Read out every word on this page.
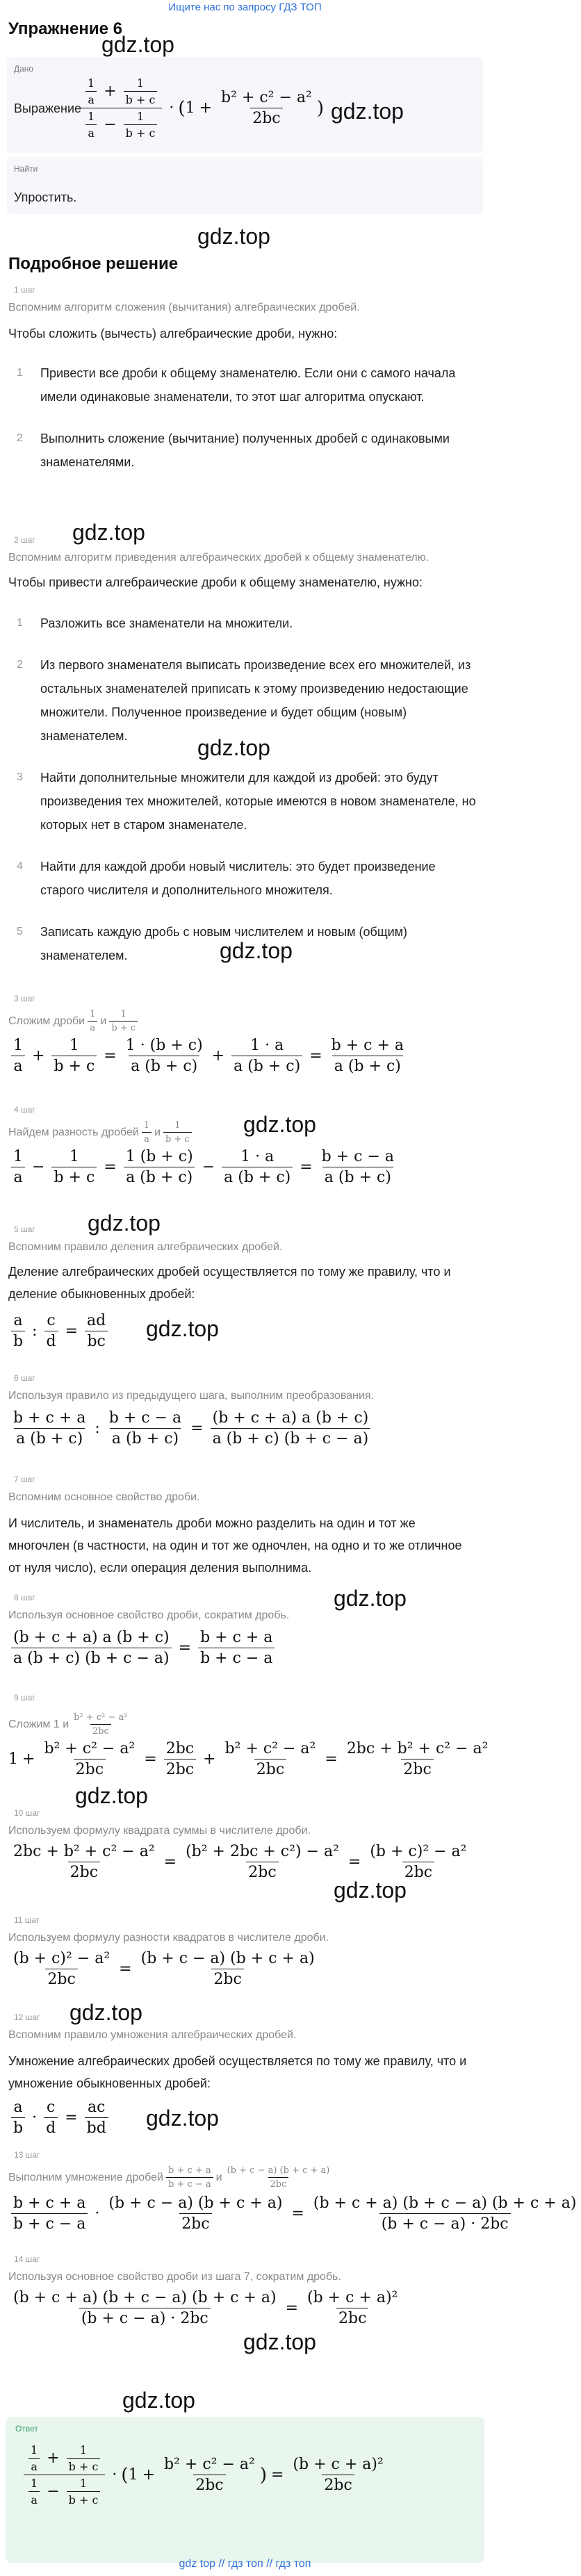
Ищите нас по запросу ГДЗ ТОП
Упражнение 6
gdz.top
Дано
Выражение
$\frac{\frac{1}{a} + \frac{1}{b + c}}{\frac{1}{a} - \frac{1}{b + c}}$ · ( $1 + \frac{\text{b² + c² − a²}}{2bc}$ ) gdz.top
Найти
Упростить.
gdz.top
Подробное решение
1 шаг
Вспомним алгоритм сложения (вычитания) алгебраических дробей.
Чтобы сложить (вычесть) алгебраические дроби, нужно:
1 Привести все дроби к общему знаменателю. Если они с самого начала имели одинаковые знаменатели, то этот шаг алгоритма опускают.
2 Выполнить сложение (вычитание) полученных дробей с одинаковыми знаменателями.
2 шаг gdz.top
Вспомним алгоритм приведения алгебраических дробей к общему знаменателю.
Чтобы привести алгебраические дроби к общему знаменателю, нужно:
1 Разложить все знаменатели на множители.
2 Из первого знаменателя выписать произведение всех его множителей, из остальных знаменателей приписать к этому произведению недостающие множители. Полученное произведение и будет общим (новым) знаменателем.
3 Найти дополнительные множители для каждой из дробей: это будут произведения тех множителей, которые имеются в новом знаменателе, но которых нет в старом знаменателе.
4 Найти для каждой дроби новый числитель: это будет произведение старого числителя и дополнительного множителя.
5 Записать каждую дробь с новым числителем и новым (общим) знаменателем.
gdz.top
gdz.top
3 шаг
Сложим дроби $\frac{1}{a}$ и $\frac{1}{b + c}$
$\frac{1}{a} + \frac{1}{b + c} = \frac{1 \cdot (b + c)}{a (b + c)} + \frac{1 \cdot a}{a (b + c)} = \frac{b + c + a}{a (b + c)}$
4 шаг
gdz.top
Найдем разность дробей $\frac{1}{a}$ и $\frac{1}{b + c}$
$\frac{1}{a} - \frac{1}{b + c} = \frac{1 (b + c)}{a (b + c)} - \frac{1 \cdot a}{a (b + c)} = \frac{b + c - a}{a (b + c)}$
gdz.top
5 шаг
Вспомним правило деления алгебраических дробей.
Деление алгебраических дробей осуществляется по тому же правилу, что и деление обыкновенных дробей:
$\frac{a}{b}$ : $\frac{c}{d} = \frac{ad}{bc} gdz.top$
6 шаг
Используя правило из предыдущего шага, выполним преобразования.
$\frac{b + c + a}{a (b + c)}$ : $\frac{b + c - a}{a (b + c)} = \frac{(b + c + a) a (b + c)}{a (b + c) (b + c - a)}$
7 шаг
Вспомним основное свойство дроби.
И числитель, и знаменатель дроби можно разделить на один и тот же многочлен (в частности, на один и тот же одночлен, на одно и то же отличное от нуля число), если операция деления выполнима.
gdz.top
8 шаг
Используя основное свойство дроби, сократим дробь.
$\frac{(b + c + a) a (b + c)}{a (b + c) (b + c - a)} = \frac{b + c + a}{b + c - a}$
9 шаг
Сложим 1 и $\frac{\text{b² + c² − a²}}{2bc}$
$1 + \frac{\text{b² + c² − a²}}{2bc} = \frac{2bc}{2bc} + \frac{\text{b² + c² − a²}}{2bc} = \frac{\text{2bc + b² + c² − a²}}{2bc}$
gdz.top
10 шаг
Используем формулу квадрата суммы в числителе дроби.
$\frac{\text{2bc + b² + c² − a²}}{2bc} = \frac{\text{(b² + 2bc + c²) − a²}}{2bc} = \frac{\text{(b + c)² − a²}}{2bc}$
gdz.top
11 шаг
Используем формулу разности квадратов в числителе дроби.
$\frac{\text{(b + c)² − a²}}{2bc} = \frac{(b + c - a) (b + c + a)}{2bc}$
gdz.top
12 шаг
Вспомним правило умножения алгебраических дробей.
Умножение алгебраических дробей осуществляется по тому же правилу, что и умножение обыкновенных дробей:
$\frac{a}{b} \cdot \frac{c}{d} = \frac{ac}{bd} gdz.top$
13 шаг
Выполним умножение дробей $\frac{b + c + a}{b + c - a}$ и $\frac{(b + c - a) (b + c + a)}{2bc}$
$\frac{b + c + a}{b + c - a} \cdot \frac{(b + c - a) (b + c + a)}{2bc} = \frac{(b + c + a) (b + c - a) (b + c + a)}{(b + c - a) \cdot 2bc}$
14 шаг
Используя основное свойство дроби из шага 7, сократим дробь.
$\frac{(b + c + a) (b + c - a) (b + c + a)}{(b + c - a) \cdot 2bc} = \frac{\text{(b + c + a)²}}{2bc}$
gdz.top
gdz.top
Ответ
$\frac{\frac{1}{a} + \frac{1}{b + c}}{\frac{1}{a} - \frac{1}{b + c}}$ · ( $1 + \frac{\text{b² + c² − a²}}{2bc}$ ) = $\frac{\text{(b + c + a)²}}{2bc}$
gdz top // гдз топ // гдз топ
